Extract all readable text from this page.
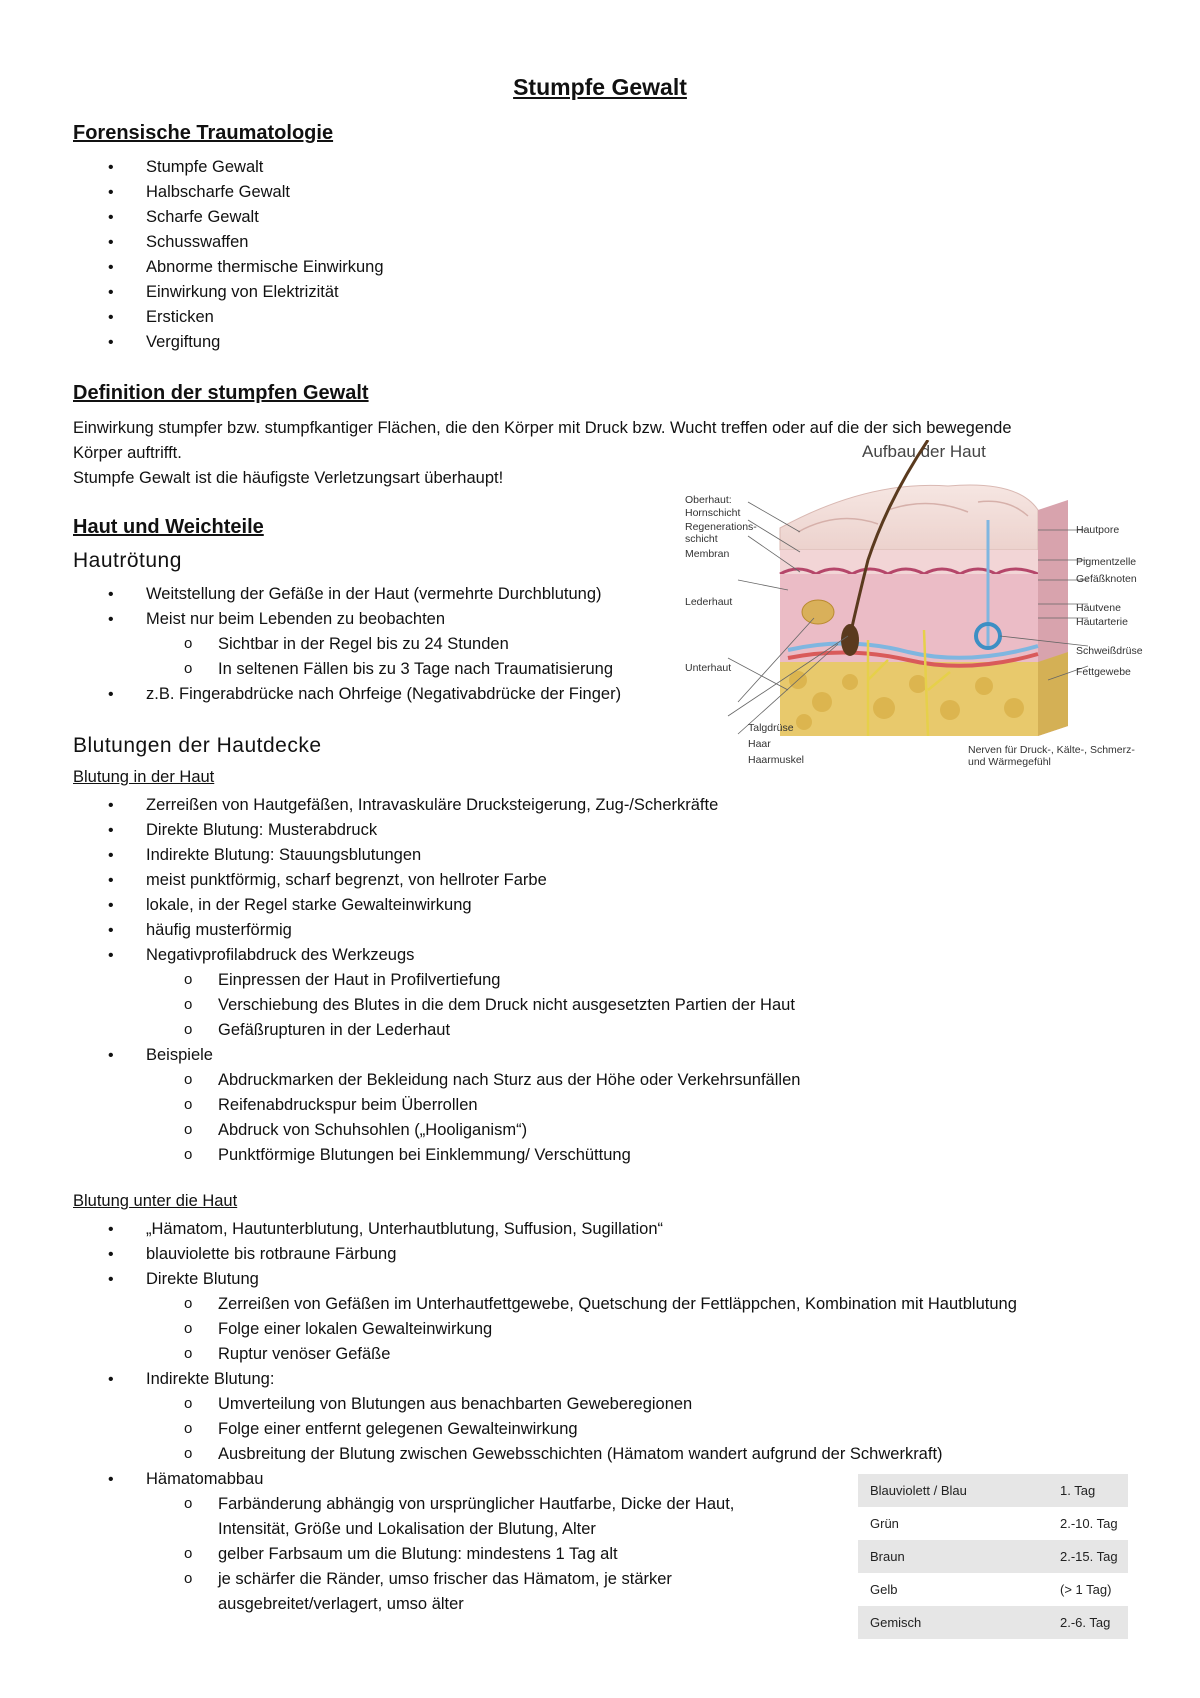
Stumpfe Gewalt
Forensische Traumatologie
• Stumpfe Gewalt
• Halbscharfe Gewalt
• Scharfe Gewalt
• Schusswaffen
• Abnorme thermische Einwirkung
• Einwirkung von Elektrizität
• Ersticken
• Vergiftung
Definition der stumpfen Gewalt

Einwirkung stumpfer bzw. stumpfkantiger Flächen, die den Körper mit Druck bzw. Wucht treffen oder auf die der sich bewegende

Körper auftrifft.

Stumpfe Gewalt ist die häufigste Verletzungsart überhaupt!

Haut und Weichteile
Hautrötung
• Weitstellung der Gefäße in der Haut (vermehrte Durchblutung)
• Meist nur beim Lebenden zu beobachten
o Sichtbar in der Regel bis zu 24 Stunden
o In seltenen Fällen bis zu 3 Tage nach Traumatisierung
• z.B. Fingerabdrücke nach Ohrfeige (Negativabdrücke der Finger)
Aufbau der Haut
Oberhaut:
Hornschicht
Regenerations-
schicht
Membran
Lederhaut
Unterhaut
Talgdrüse
Haar
Haarmuskel
Hautpore
Pigmentzelle
Gefäßknoten
Hautvene
Hautarterie
Schweißdrüse
Fettgewebe
Nerven für Druck-, Kälte-, Schmerz-
und Wärmegefühl
Blutungen der Hautdecke
Blutung in der Haut
• Zerreißen von Hautgefäßen, Intravaskuläre Drucksteigerung, Zug-/Scherkräfte
• Direkte Blutung: Musterabdruck
• Indirekte Blutung: Stauungsblutungen
• meist punktförmig, scharf begrenzt, von hellroter Farbe
• lokale, in der Regel starke Gewalteinwirkung
• häufig musterförmig
• Negativprofilabdruck des Werkzeugs
o Einpressen der Haut in Profilvertiefung
o Verschiebung des Blutes in die dem Druck nicht ausgesetzten Partien der Haut
o Gefäßrupturen in der Lederhaut
• Beispiele
o Abdruckmarken der Bekleidung nach Sturz aus der Höhe oder Verkehrsunfällen
o Reifenabdruckspur beim Überrollen
o Abdruck von Schuhsohlen („Hooliganism“)
o Punktförmige Blutungen bei Einklemmung/ Verschüttung
Blutung unter die Haut
• „Hämatom, Hautunterblutung, Unterhautblutung, Suffusion, Sugillation“
• blauviolette bis rotbraune Färbung
• Direkte Blutung
o Zerreißen von Gefäßen im Unterhautfettgewebe, Quetschung der Fettläppchen, Kombination mit Hautblutung
o Folge einer lokalen Gewalteinwirkung
o Ruptur venöser Gefäße
• Indirekte Blutung:
o Umverteilung von Blutungen aus benachbarten Geweberegionen
o Folge einer entfernt gelegenen Gewalteinwirkung
o Ausbreitung der Blutung zwischen Gewebsschichten (Hämatom wandert aufgrund der Schwerkraft)
• Hämatomabbau
o Farbänderung abhängig von ursprünglicher Hautfarbe, Dicke der Haut,
Intensität, Größe und Lokalisation der Blutung, Alter
o gelber Farbsaum um die Blutung: mindestens 1 Tag alt
o je schärfer die Ränder, umso frischer das Hämatom, je stärker
ausgebreitet/verlagert, umso älter
Blauviolett / Blau	1. Tag
Grün	2.-10. Tag
Braun	2.-15. Tag
Gelb	(> 1 Tag)
Gemisch	2.-6. Tag
